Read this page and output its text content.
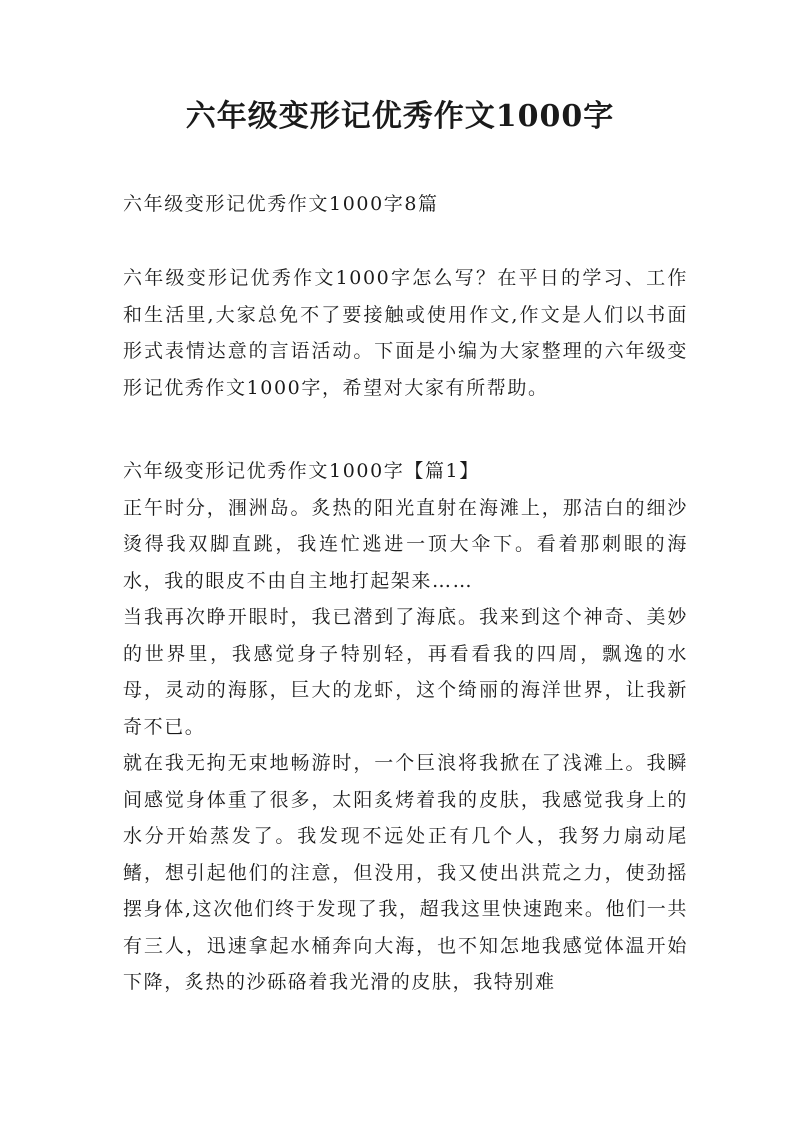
六年级变形记优秀作文1000字
六年级变形记优秀作文1000字8篇
六年级变形记优秀作文1000字怎么写？在平日的学习、工作和生活里,大家总免不了要接触或使用作文,作文是人们以书面形式表情达意的言语活动。下面是小编为大家整理的六年级变形记优秀作文1000字，希望对大家有所帮助。

六年级变形记优秀作文1000字【篇1】

正午时分，涠洲岛。炙热的阳光直射在海滩上，那洁白的细沙烫得我双脚直跳，我连忙逃进一顶大伞下。看着那刺眼的海水，我的眼皮不由自主地打起架来……

当我再次睁开眼时，我已潜到了海底。我来到这个神奇、美妙的世界里，我感觉身子特别轻，再看看我的四周，飘逸的水母，灵动的海豚，巨大的龙虾，这个绮丽的海洋世界，让我新奇不已。

就在我无拘无束地畅游时，一个巨浪将我掀在了浅滩上。我瞬间感觉身体重了很多，太阳炙烤着我的皮肤，我感觉我身上的水分开始蒸发了。我发现不远处正有几个人，我努力扇动尾鳍，想引起他们的注意，但没用，我又使出洪荒之力，使劲摇摆身体,这次他们终于发现了我，超我这里快速跑来。他们一共有三人，迅速拿起水桶奔向大海，也不知怎地我感觉体温开始下降，炙热的沙砾硌着我光滑的皮肤，我特别难
